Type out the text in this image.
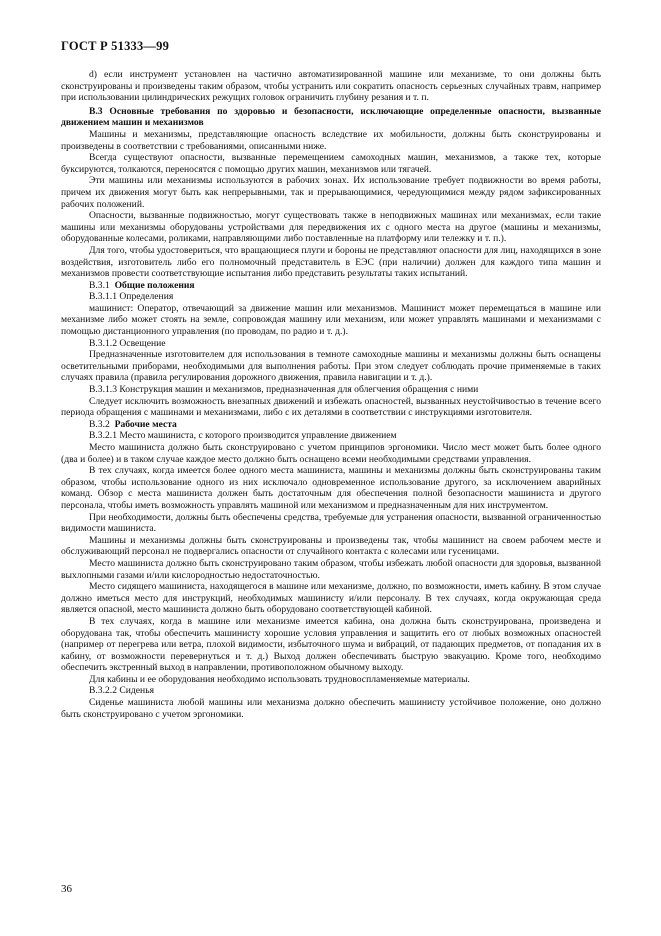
ГОСТ Р 51333—99

d) если инструмент установлен на частично автоматизированной машине или механизме, то они должны быть сконструированы и произведены таким образом, чтобы устранить или сократить опасность серьезных случайных травм, например при использовании цилиндрических режущих головок ограничить глубину резания и т. п.

В.3 Основные требования по здоровью и безопасности, исключающие определенные опасности, вызванные движением машин и механизмов

Машины и механизмы, представляющие опасность вследствие их мобильности, должны быть сконструированы и произведены в соответствии с требованиями, описанными ниже.

Всегда существуют опасности, вызванные перемещением самоходных машин, механизмов, а также тех, которые буксируются, толкаются, переносятся с помощью других машин, механизмов или тягачей.

Эти машины или механизмы используются в рабочих зонах. Их использование требует подвижности во время работы, причем их движения могут быть как непрерывными, так и прерывающимися, чередующимися между рядом зафиксированных рабочих положений.

Опасности, вызванные подвижностью, могут существовать также в неподвижных машинах или механизмах, если такие машины или механизмы оборудованы устройствами для передвижения их с одного места на другое (машины и механизмы, оборудованные колесами, роликами, направляющими либо поставленные на платформу или тележку и т. п.).

Для того, чтобы удостовериться, что вращающиеся плуги и бороны не представляют опасности для лиц, находящихся в зоне воздействия, изготовитель либо его полномочный представитель в ЕЭС (при наличии) должен для каждого типа машин и механизмов провести соответствующие испытания либо представить результаты таких испытаний.

В.3.1 Общие положения

В.3.1.1 Определения

машинист: Оператор, отвечающий за движение машин или механизмов. Машинист может перемещаться в машине или механизме либо может стоять на земле, сопровождая машину или механизм, или может управлять машинами и механизмами с помощью дистанционного управления (по проводам, по радио и т. д.).

В.3.1.2 Освещение

Предназначенные изготовителем для использования в темноте самоходные машины и механизмы должны быть оснащены осветительными приборами, необходимыми для выполнения работы. При этом следует соблюдать прочие применяемые в таких случаях правила (правила регулирования дорожного движения, правила навигации и т. д.).

В.3.1.3 Конструкция машин и механизмов, предназначенная для облегчения обращения с ними

Следует исключить возможность внезапных движений и избежать опасностей, вызванных неустойчивостью в течение всего периода обращения с машинами и механизмами, либо с их деталями в соответствии с инструкциями изготовителя.

В.3.2 Рабочие места

В.3.2.1 Место машиниста, с которого производится управление движением

Место машиниста должно быть сконструировано с учетом принципов эргономики. Число мест может быть более одного (два и более) и в таком случае каждое место должно быть оснащено всеми необходимыми средствами управления.

В тех случаях, когда имеется более одного места машиниста, машины и механизмы должны быть сконструированы таким образом, чтобы использование одного из них исключало одновременное использование другого, за исключением аварийных команд. Обзор с места машиниста должен быть достаточным для обеспечения полной безопасности машиниста и другого персонала, чтобы иметь возможность управлять машиной или механизмом и предназначенным для них инструментом.

При необходимости, должны быть обеспечены средства, требуемые для устранения опасности, вызванной ограниченностью видимости машиниста.

Машины и механизмы должны быть сконструированы и произведены так, чтобы машинист на своем рабочем месте и обслуживающий персонал не подвергались опасности от случайного контакта с колесами или гусеницами.

Место машиниста должно быть сконструировано таким образом, чтобы избежать любой опасности для здоровья, вызванной выхлопными газами и/или кислородностью недостаточностью.

Место сидящего машиниста, находящегося в машине или механизме, должно, по возможности, иметь кабину. В этом случае должно иметься место для инструкций, необходимых машинисту и/или персоналу. В тех случаях, когда окружающая среда является опасной, место машиниста должно быть оборудовано соответствующей кабиной.

В тех случаях, когда в машине или механизме имеется кабина, она должна быть сконструирована, произведена и оборудована так, чтобы обеспечить машинисту хорошие условия управления и защитить его от любых возможных опасностей (например от перегрева или ветра, плохой видимости, избыточного шума и вибраций, от падающих предметов, от попадания их в кабину, от возможности перевернуться и т. д.) Выход должен обеспечивать быструю эвакуацию. Кроме того, необходимо обеспечить экстренный выход в направлении, противоположном обычному выходу.

Для кабины и ее оборудования необходимо использовать трудновоспламеняемые материалы.

В.3.2.2 Сиденья

Сиденье машиниста любой машины или механизма должно обеспечить машинисту устойчивое положение, оно должно быть сконструировано с учетом эргономики.

36
